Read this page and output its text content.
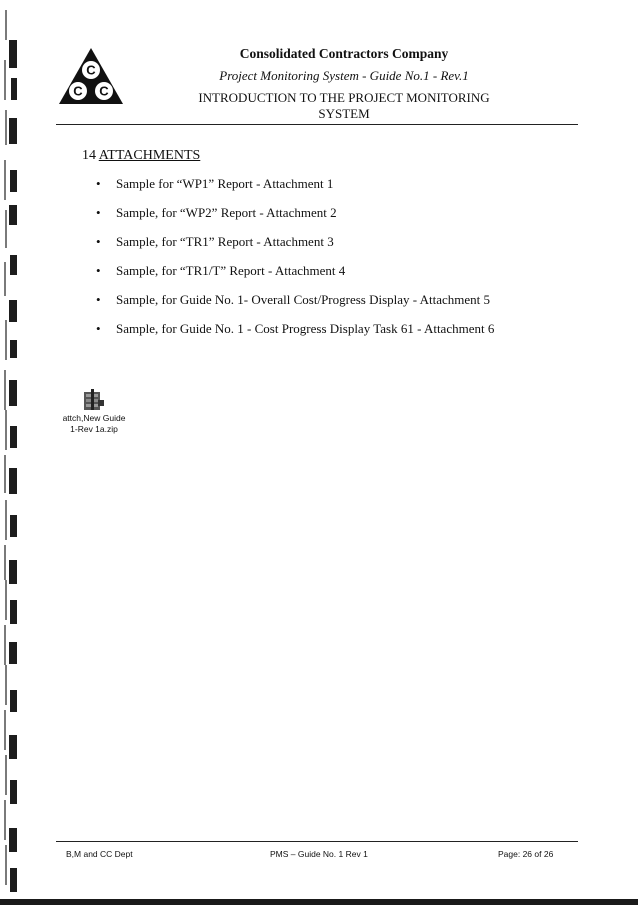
C
C C
Consolidated Contractors Company
Project Monitoring System - Guide No.1 - Rev.1
INTRODUCTION TO THE PROJECT MONITORING
SYSTEM
14 ATTACHMENTS
• Sample for “WP1” Report - Attachment 1
• Sample, for “WP2” Report - Attachment 2
• Sample, for “TR1” Report - Attachment 3
• Sample, for “TR1/T” Report - Attachment 4
• Sample, for Guide No. 1- Overall Cost/Progress Display - Attachment 5
• Sample, for Guide No. 1 - Cost Progress Display Task 61 - Attachment 6
attch,New Guide
1-Rev 1a.zip
B,M and CC Dept	PMS – Guide No. 1 Rev 1	Page: 26 of 26
